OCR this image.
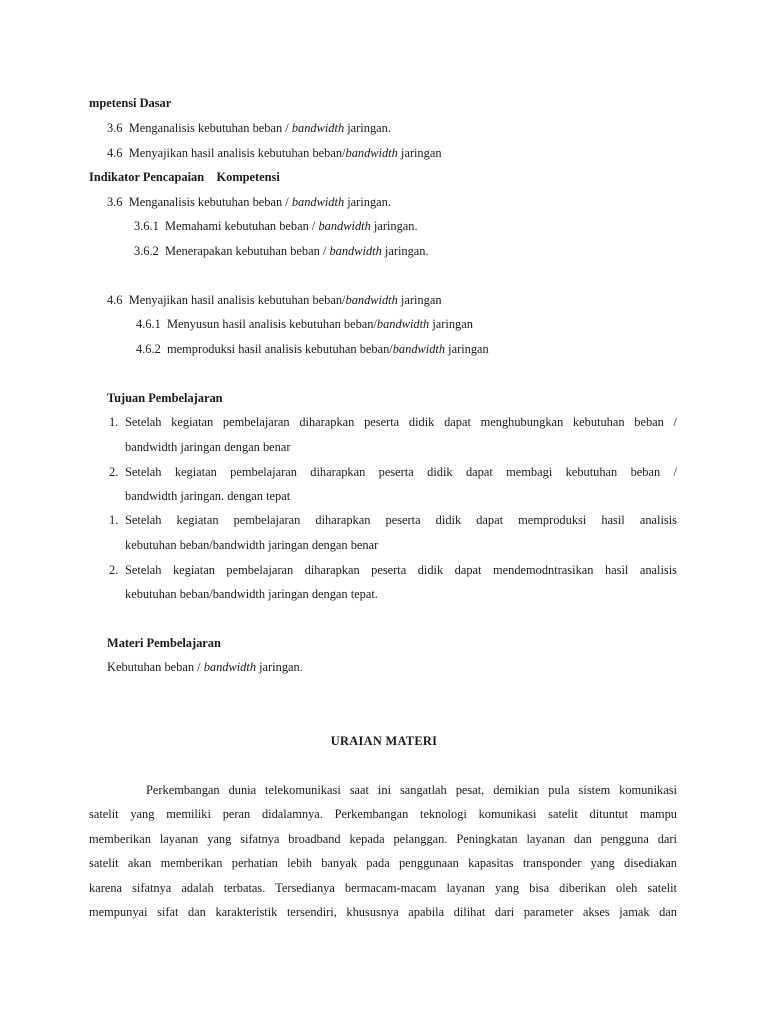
mpetensi Dasar
3.6 Menganalisis kebutuhan beban / bandwidth jaringan.
4.6 Menyajikan hasil analisis kebutuhan beban/bandwidth jaringan
Indikator Pencapaian Kompetensi
3.6 Menganalisis kebutuhan beban / bandwidth jaringan.
3.6.1 Memahami kebutuhan beban / bandwidth jaringan.
3.6.2 Menerapakan kebutuhan beban / bandwidth jaringan.
4.6 Menyajikan hasil analisis kebutuhan beban/bandwidth jaringan
4.6.1 Menyusun hasil analisis kebutuhan beban/bandwidth jaringan
4.6.2 memproduksi hasil analisis kebutuhan beban/bandwidth jaringan
Tujuan Pembelajaran
1. Setelah kegiatan pembelajaran diharapkan peserta didik dapat menghubungkan kebutuhan beban /
bandwidth jaringan dengan benar
2. Setelah kegiatan pembelajaran diharapkan peserta didik dapat membagi kebutuhan beban /
bandwidth jaringan. dengan tepat
1. Setelah kegiatan pembelajaran diharapkan peserta didik dapat memproduksi hasil analisis
kebutuhan beban/bandwidth jaringan dengan benar
2. Setelah kegiatan pembelajaran diharapkan peserta didik dapat mendemodntrasikan hasil analisis
kebutuhan beban/bandwidth jaringan dengan tepat.
Materi Pembelajaran
Kebutuhan beban / bandwidth jaringan.
URAIAN MATERI
Perkembangan dunia telekomunikasi saat ini sangatlah pesat, demikian pula sistem komunikasi
satelit yang memiliki peran didalamnya. Perkembangan teknologi komunikasi satelit dituntut mampu
memberikan layanan yang sifatnya broadband kepada pelanggan. Peningkatan layanan dan pengguna dari
satelit akan memberikan perhatian lebih banyak pada penggunaan kapasitas transponder yang disediakan
karena sifatnya adalah terbatas. Tersedianya bermacam-macam layanan yang bisa diberikan oleh satelit
mempunyai sifat dan karakteristik tersendiri, khususnya apabila dilihat dari parameter akses jamak dan
